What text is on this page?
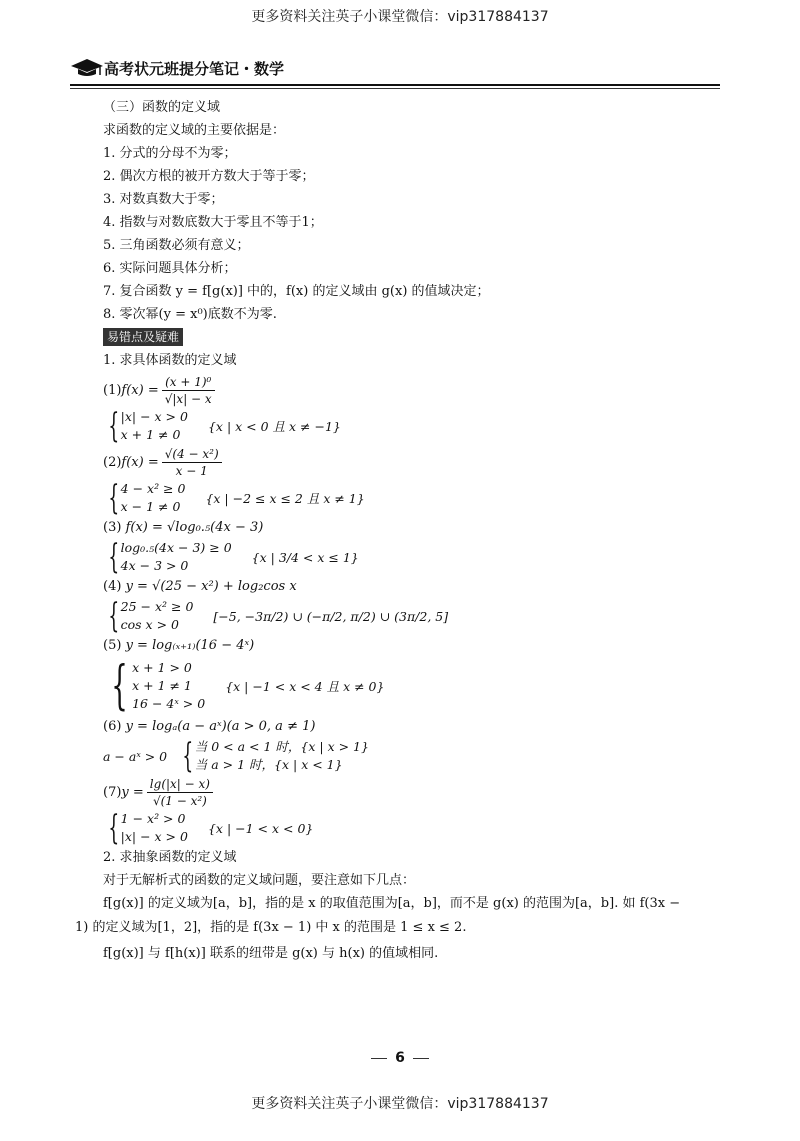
更多资料关注英子小课堂微信：vip317884137
高考状元班提分笔记・数学
（三）函数的定义域
求函数的定义域的主要依据是：
1. 分式的分母不为零；
2. 偶次方根的被开方数大于等于零；
3. 对数真数大于零；
4. 指数与对数底数大于零且不等于1；
5. 三角函数必须有意义；
6. 实际问题具体分析；
7. 复合函数 y = f[g(x)] 中的，f(x) 的定义域由 g(x) 的值域决定；
8. 零次幂(y = x⁰)底数不为零.
易错点及疑难
1. 求具体函数的定义域
(1) $f(x) = \frac{\text{(x + 1)⁰}}{√|x| - x}$
{ |x| − x > 0
x + 1 ≠ 0
{x | x < 0 且 x ≠ −1}
(2) $f(x) = \frac{\text{√(4 − x²)}}{x - 1}$
{ 4 − x² ≥ 0
x − 1 ≠ 0
{x | −2 ≤ x ≤ 2 且 x ≠ 1}
(3) f(x) = √log₀.₅(4x − 3)
{ log₀.₅(4x − 3) ≥ 0
4x − 3 > 0
{x | 3/4 < x ≤ 1}
(4) y = √(25 − x²) + log₂cos x
{ 25 − x² ≥ 0
cos x > 0
[−5, −3π/2) ∪ (−π/2, π/2) ∪ (3π/2, 5]
(5) y = log₍ₓ₊₁₎(16 − 4ˣ)
{ x + 1 > 0
x + 1 ≠ 1
16 − 4ˣ > 0
{x | −1 < x < 4 且 x ≠ 0}
(6) y = logₐ(a − aˣ)(a > 0, a ≠ 1)
a − aˣ > 0 { 当 0 < a < 1 时，{x | x > 1}
当 a > 1 时，{x | x < 1}
(7) $y = \frac{\lg(|x| - x)}{\text{√(1 − x²)}}$
{ 1 − x² > 0
|x| − x > 0
{x | −1 < x < 0}
2. 求抽象函数的定义域
对于无解析式的函数的定义域问题，要注意如下几点：
f[g(x)] 的定义域为[a，b]，指的是 x 的取值范围为[a，b]，而不是 g(x) 的范围为[a，b]. 如 f(3x − 1) 的定义域为[1，2]，指的是 f(3x − 1) 中 x 的范围是 1 ≤ x ≤ 2.
f[g(x)] 与 f[h(x)] 联系的纽带是 g(x) 与 h(x) 的值域相同.
6
更多资料关注英子小课堂微信：vip317884137
